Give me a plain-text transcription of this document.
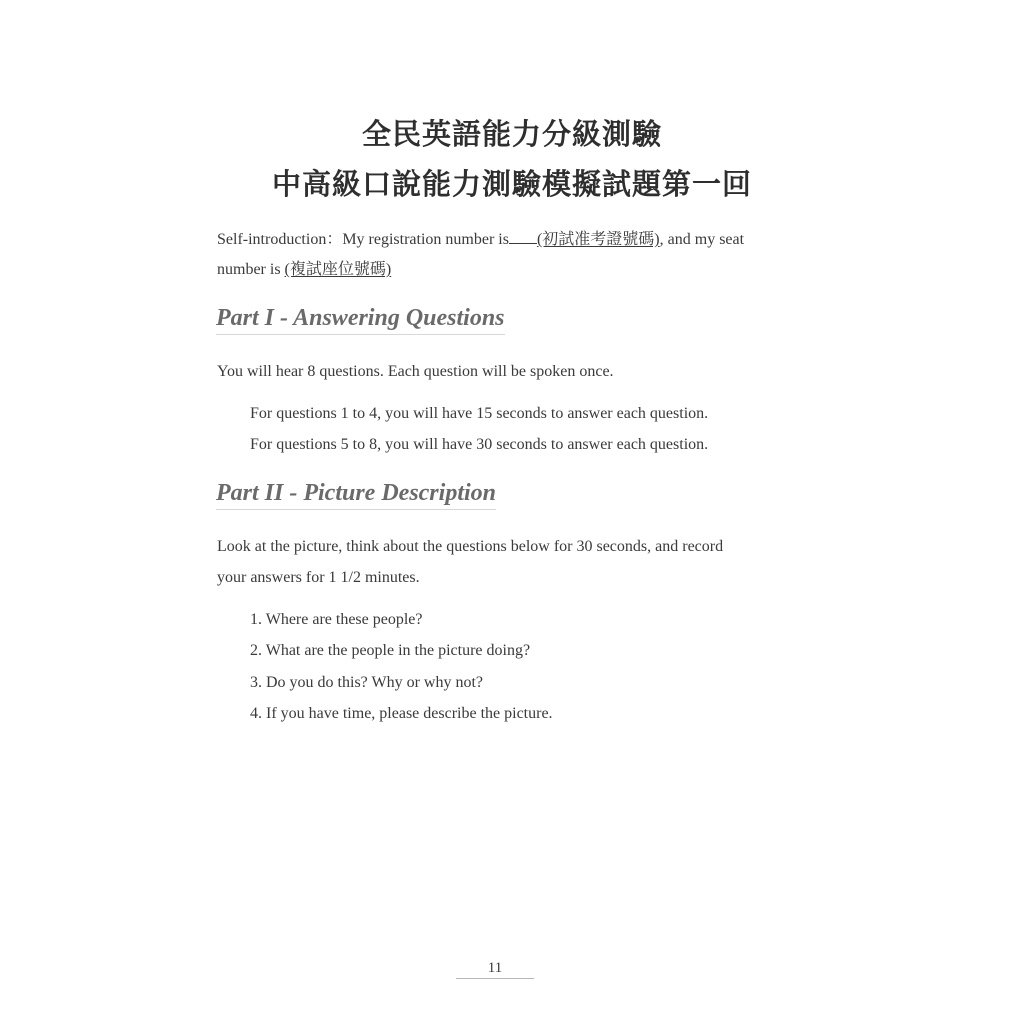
全民英語能力分級測驗
中高級口說能力測驗模擬試題第一回
Self-introduction：My registration number is (初試准考證號碼), and my seat
number is (複試座位號碼)
Part I - Answering Questions
You will hear 8 questions. Each question will be spoken once.
For questions 1 to 4, you will have 15 seconds to answer each question.
For questions 5 to 8, you will have 30 seconds to answer each question.
Part II - Picture Description
Look at the picture, think about the questions below for 30 seconds, and record
your answers for 1 1/2 minutes.
1. Where are these people?
2. What are the people in the picture doing?
3. Do you do this? Why or why not?
4. If you have time, please describe the picture.
11
